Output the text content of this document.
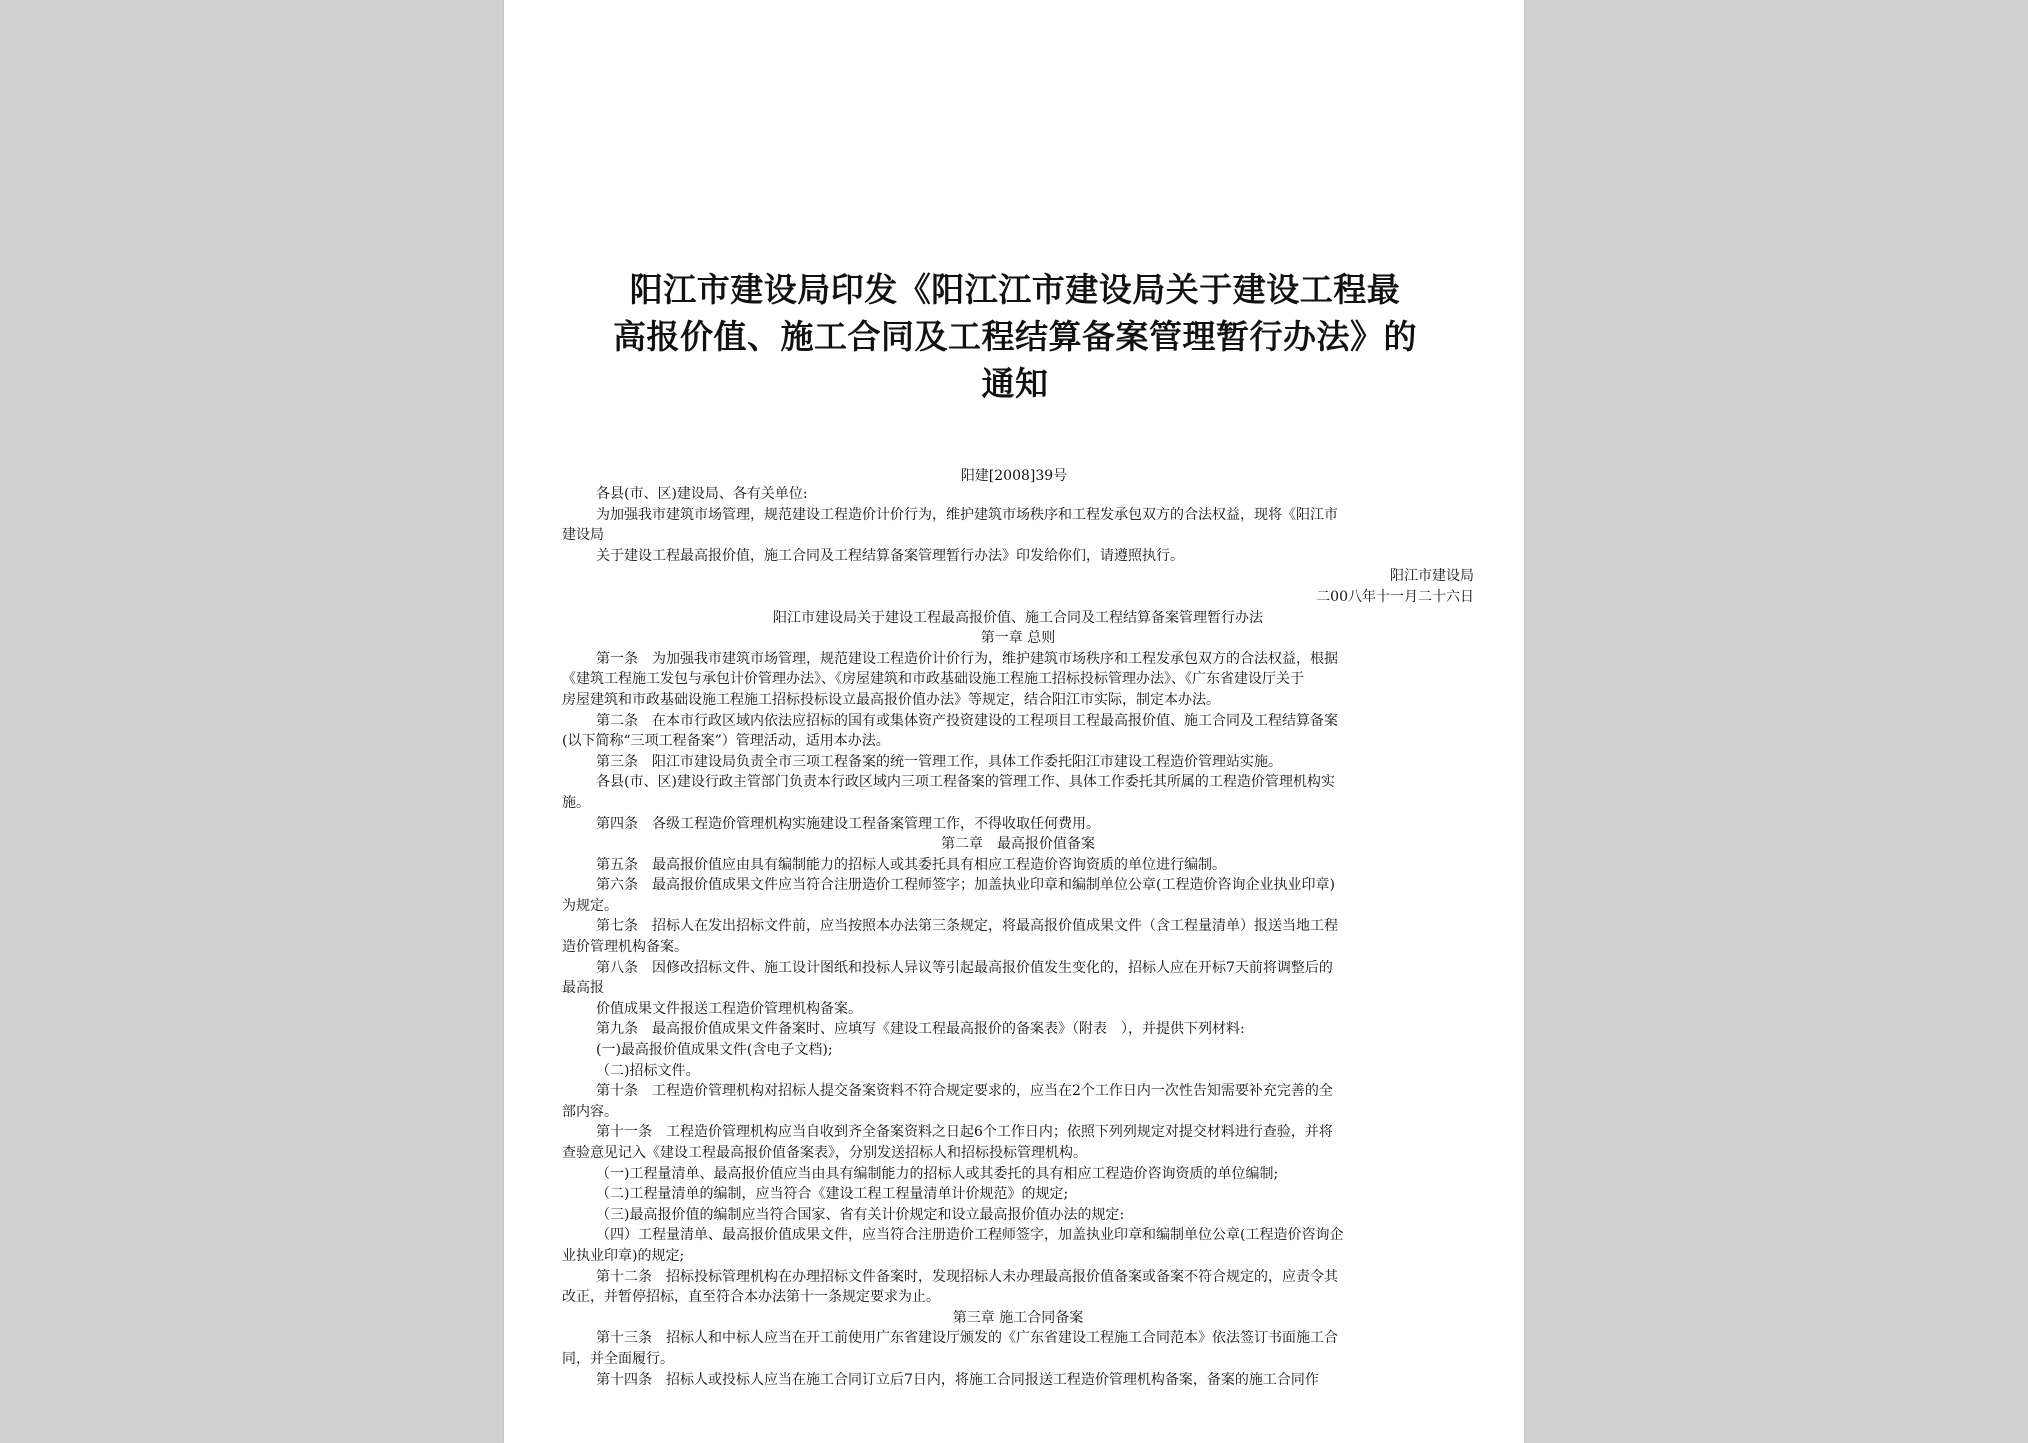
阳江市建设局印发《阳江江市建设局关于建设工程最
高报价值、施工合同及工程结算备案管理暂行办法》的
通知
阳建[2008]39号

各县(市、区)建设局、各有关单位:

为加强我市建筑市场管理，规范建设工程造价计价行为，维护建筑市场秩序和工程发承包双方的合法权益，现将《阳江市

建设局

关于建设工程最高报价值，施工合同及工程结算备案管理暂行办法》印发给你们，请遵照执行。

阳江市建设局

二00八年十一月二十六日

阳江市建设局关于建设工程最高报价值、施工合同及工程结算备案管理暂行办法

第一章 总则

第一条　为加强我市建筑市场管理，规范建设工程造价计价行为，维护建筑市场秩序和工程发承包双方的合法权益，根据

《建筑工程施工发包与承包计价管理办法》、《房屋建筑和市政基础设施工程施工招标投标管理办法》、《广东省建设厅关于

房屋建筑和市政基础设施工程施工招标投标设立最高报价值办法》等规定，结合阳江市实际，制定本办法。

第二条　在本市行政区域内依法应招标的国有或集体资产投资建设的工程项目工程最高报价值、施工合同及工程结算备案

(以下简称“三项工程备案”）管理活动，适用本办法。

第三条　阳江市建设局负责全市三项工程备案的统一管理工作，具体工作委托阳江市建设工程造价管理站实施。

各县(市、区)建设行政主管部门负责本行政区域内三项工程备案的管理工作、具体工作委托其所属的工程造价管理机构实

施。

第四条　各级工程造价管理机构实施建设工程备案管理工作，不得收取任何费用。

第二章　最高报价值备案

第五条　最高报价值应由具有编制能力的招标人或其委托具有相应工程造价咨询资质的单位进行编制。

第六条　最高报价值成果文件应当符合注册造价工程师签字；加盖执业印章和编制单位公章(工程造价咨询企业执业印章)

为规定。

第七条　招标人在发出招标文件前，应当按照本办法第三条规定，将最高报价值成果文件（含工程量清单）报送当地工程

造价管理机构备案。

第八条　因修改招标文件、施工设计图纸和投标人异议等引起最高报价值发生变化的，招标人应在开标7天前将调整后的

最高报

价值成果文件报送工程造价管理机构备案。

第九条　最高报价值成果文件备案时、应填写《建设工程最高报价的备案表》（附表　），并提供下列材料:

(一)最高报价值成果文件(含电子文档);

（二)招标文件。

第十条　工程造价管理机构对招标人提交备案资料不符合规定要求的，应当在2个工作日内一次性告知需要补充完善的全

部内容。

第十一条　工程造价管理机构应当自收到齐全备案资料之日起6个工作日内；依照下列列规定对提交材料进行查验，并将

查验意见记入《建设工程最高报价值备案表》，分别发送招标人和招标投标管理机构。

（一)工程量清单、最高报价值应当由具有编制能力的招标人或其委托的具有相应工程造价咨询资质的单位编制;

（二)工程量清单的编制，应当符合《建设工程工程量清单计价规范》的规定;

（三)最高报价值的编制应当符合国家、省有关计价规定和设立最高报价值办法的规定:

（四）工程量清单、最高报价值成果文件，应当符合注册造价工程师签字，加盖执业印章和编制单位公章(工程造价咨询企

业执业印章)的规定;

第十二条　招标投标管理机构在办理招标文件备案时，发现招标人未办理最高报价值备案或备案不符合规定的，应责令其

改正，并暂停招标，直至符合本办法第十一条规定要求为止。

第三章 施工合同备案

第十三条　招标人和中标人应当在开工前使用广东省建设厅颁发的《广东省建设工程施工合同范本》依法签订书面施工合

同，并全面履行。

第十四条　招标人或投标人应当在施工合同订立后7日内，将施工合同报送工程造价管理机构备案，备案的施工合同作
